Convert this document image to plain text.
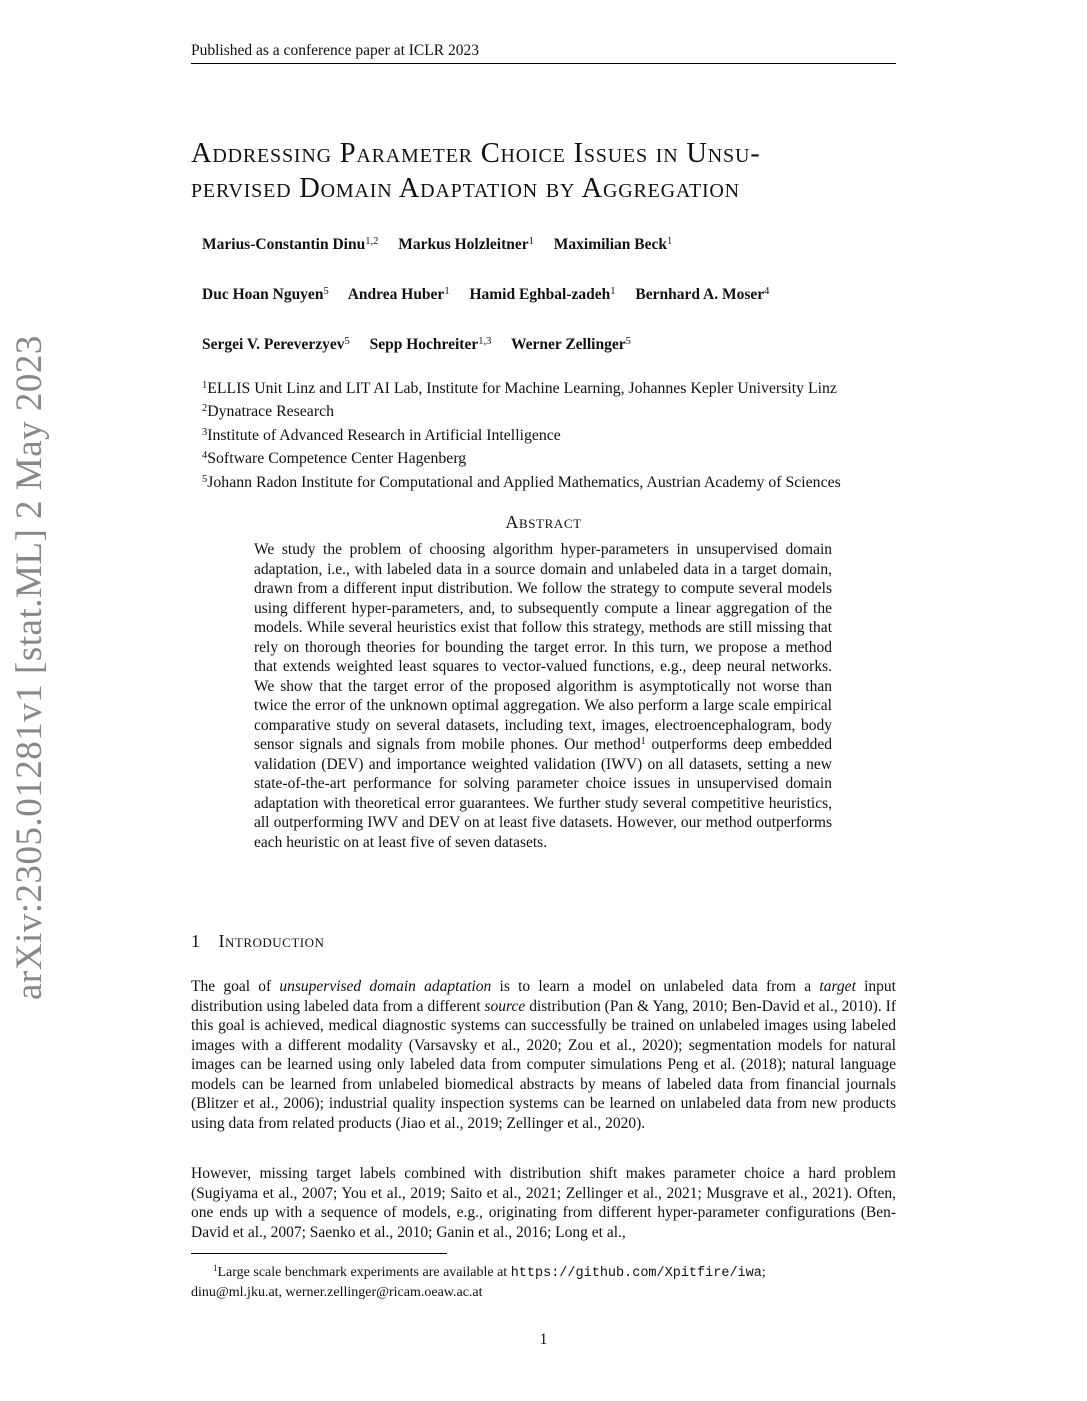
Published as a conference paper at ICLR 2023
arXiv:2305.01281v1 [stat.ML] 2 May 2023
Addressing Parameter Choice Issues in Unsu-
pervised Domain Adaptation by Aggregation
Marius-Constantin Dinu$^{1,2}$ Markus Holzleitner$^1$ Maximilian Beck$^1$
Duc Hoan Nguyen$^5$ Andrea Huber$^1$ Hamid Eghbal-zadeh$^1$ Bernhard A. Moser$^4$
Sergei V. Pereverzyev$^5$ Sepp Hochreiter$^{1,3}$ Werner Zellinger$^5$
$^1$ELLIS Unit Linz and LIT AI Lab, Institute for Machine Learning, Johannes Kepler University Linz
$^2$Dynatrace Research
$^3$Institute of Advanced Research in Artificial Intelligence
$^4$Software Competence Center Hagenberg
$^5$Johann Radon Institute for Computational and Applied Mathematics, Austrian Academy of Sciences
Abstract
We study the problem of choosing algorithm hyper-parameters in unsupervised domain adaptation, i.e., with labeled data in a source domain and unlabeled data in a target domain, drawn from a different input distribution. We follow the strategy to compute several models using different hyper-parameters, and, to subsequently compute a linear aggregation of the models. While several heuristics exist that follow this strategy, methods are still missing that rely on thorough theories for bounding the target error. In this turn, we propose a method that extends weighted least squares to vector-valued functions, e.g., deep neural networks. We show that the target error of the proposed algorithm is asymptotically not worse than twice the error of the unknown optimal aggregation. We also perform a large scale empirical comparative study on several datasets, including text, images, electroencephalogram, body sensor signals and signals from mobile phones. Our method$^1$ outperforms deep embedded validation (DEV) and importance weighted validation (IWV) on all datasets, setting a new state-of-the-art performance for solving parameter choice issues in unsupervised domain adaptation with theoretical error guarantees. We further study several competitive heuristics, all outperforming IWV and DEV on at least five datasets. However, our method outperforms each heuristic on at least five of seven datasets.
1 Introduction

The goal of unsupervised domain adaptation is to learn a model on unlabeled data from a target input distribution using labeled data from a different source distribution (Pan & Yang, 2010; Ben-David et al., 2010). If this goal is achieved, medical diagnostic systems can successfully be trained on unlabeled images using labeled images with a different modality (Varsavsky et al., 2020; Zou et al., 2020); segmentation models for natural images can be learned using only labeled data from computer simulations Peng et al. (2018); natural language models can be learned from unlabeled biomedical abstracts by means of labeled data from financial journals (Blitzer et al., 2006); industrial quality inspection systems can be learned on unlabeled data from new products using data from related products (Jiao et al., 2019; Zellinger et al., 2020).

However, missing target labels combined with distribution shift makes parameter choice a hard problem (Sugiyama et al., 2007; You et al., 2019; Saito et al., 2021; Zellinger et al., 2021; Musgrave et al., 2021). Often, one ends up with a sequence of models, e.g., originating from different hyper-parameter configurations (Ben-David et al., 2007; Saenko et al., 2010; Ganin et al., 2016; Long et al.,

$^1$Large scale benchmark experiments are available at https://github.com/Xpitfire/iwa;
dinu@ml.jku.at, werner.zellinger@ricam.oeaw.ac.at
1
